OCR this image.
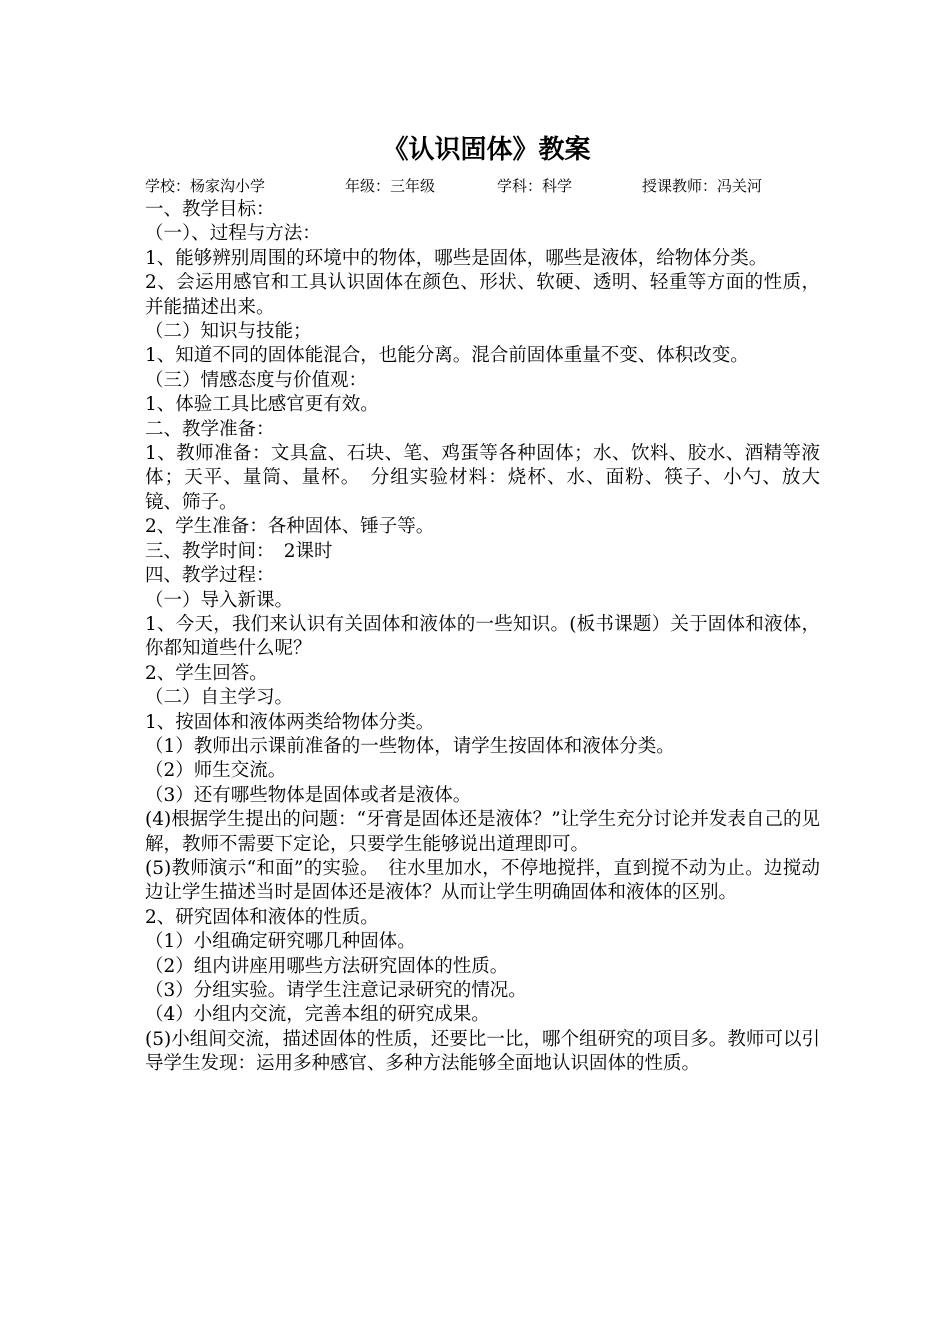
《认识固体》教案
学校：杨家沟小学	年级：三年级	学科：科学	授课教师：冯关河

一、教学目标：

（一）、过程与方法：

1、能够辨别周围的环境中的物体，哪些是固体，哪些是液体，给物体分类。

2、会运用感官和工具认识固体在颜色、形状、软硬、透明、轻重等方面的性质，并能描述出来。

（二）知识与技能；

1、知道不同的固体能混合，也能分离。混合前固体重量不变、体积改变。

（三）情感态度与价值观：

1、体验工具比感官更有效。

二、教学准备：

1、教师准备：文具盒、石块、笔、鸡蛋等各种固体；水、饮料、胶水、酒精等液体；天平、量筒、量杯。　分组实验材料：烧杯、水、面粉、筷子、小勺、放大镜、筛子。

2、学生准备：各种固体、锤子等。

三、教学时间：　2课时

四、教学过程：

（一）导入新课。

1、今天，我们来认识有关固体和液体的一些知识。(板书课题）关于固体和液体，你都知道些什么呢？

2、学生回答。

（二）自主学习。

1、按固体和液体两类给物体分类。

（1）教师出示课前准备的一些物体，请学生按固体和液体分类。

（2）师生交流。

（3）还有哪些物体是固体或者是液体。

(4)根据学生提出的问题：“牙膏是固体还是液体？”让学生充分讨论并发表自己的见解，教师不需要下定论，只要学生能够说出道理即可。

(5)教师演示“和面”的实验。　往水里加水，不停地搅拌，直到搅不动为止。边搅动边让学生描述当时是固体还是液体？从而让学生明确固体和液体的区别。

2、研究固体和液体的性质。

（1）小组确定研究哪几种固体。

（2）组内讲座用哪些方法研究固体的性质。

（3）分组实验。请学生注意记录研究的情况。

（4）小组内交流，完善本组的研究成果。

(5)小组间交流，描述固体的性质，还要比一比，哪个组研究的项目多。教师可以引导学生发现：运用多种感官、多种方法能够全面地认识固体的性质。
